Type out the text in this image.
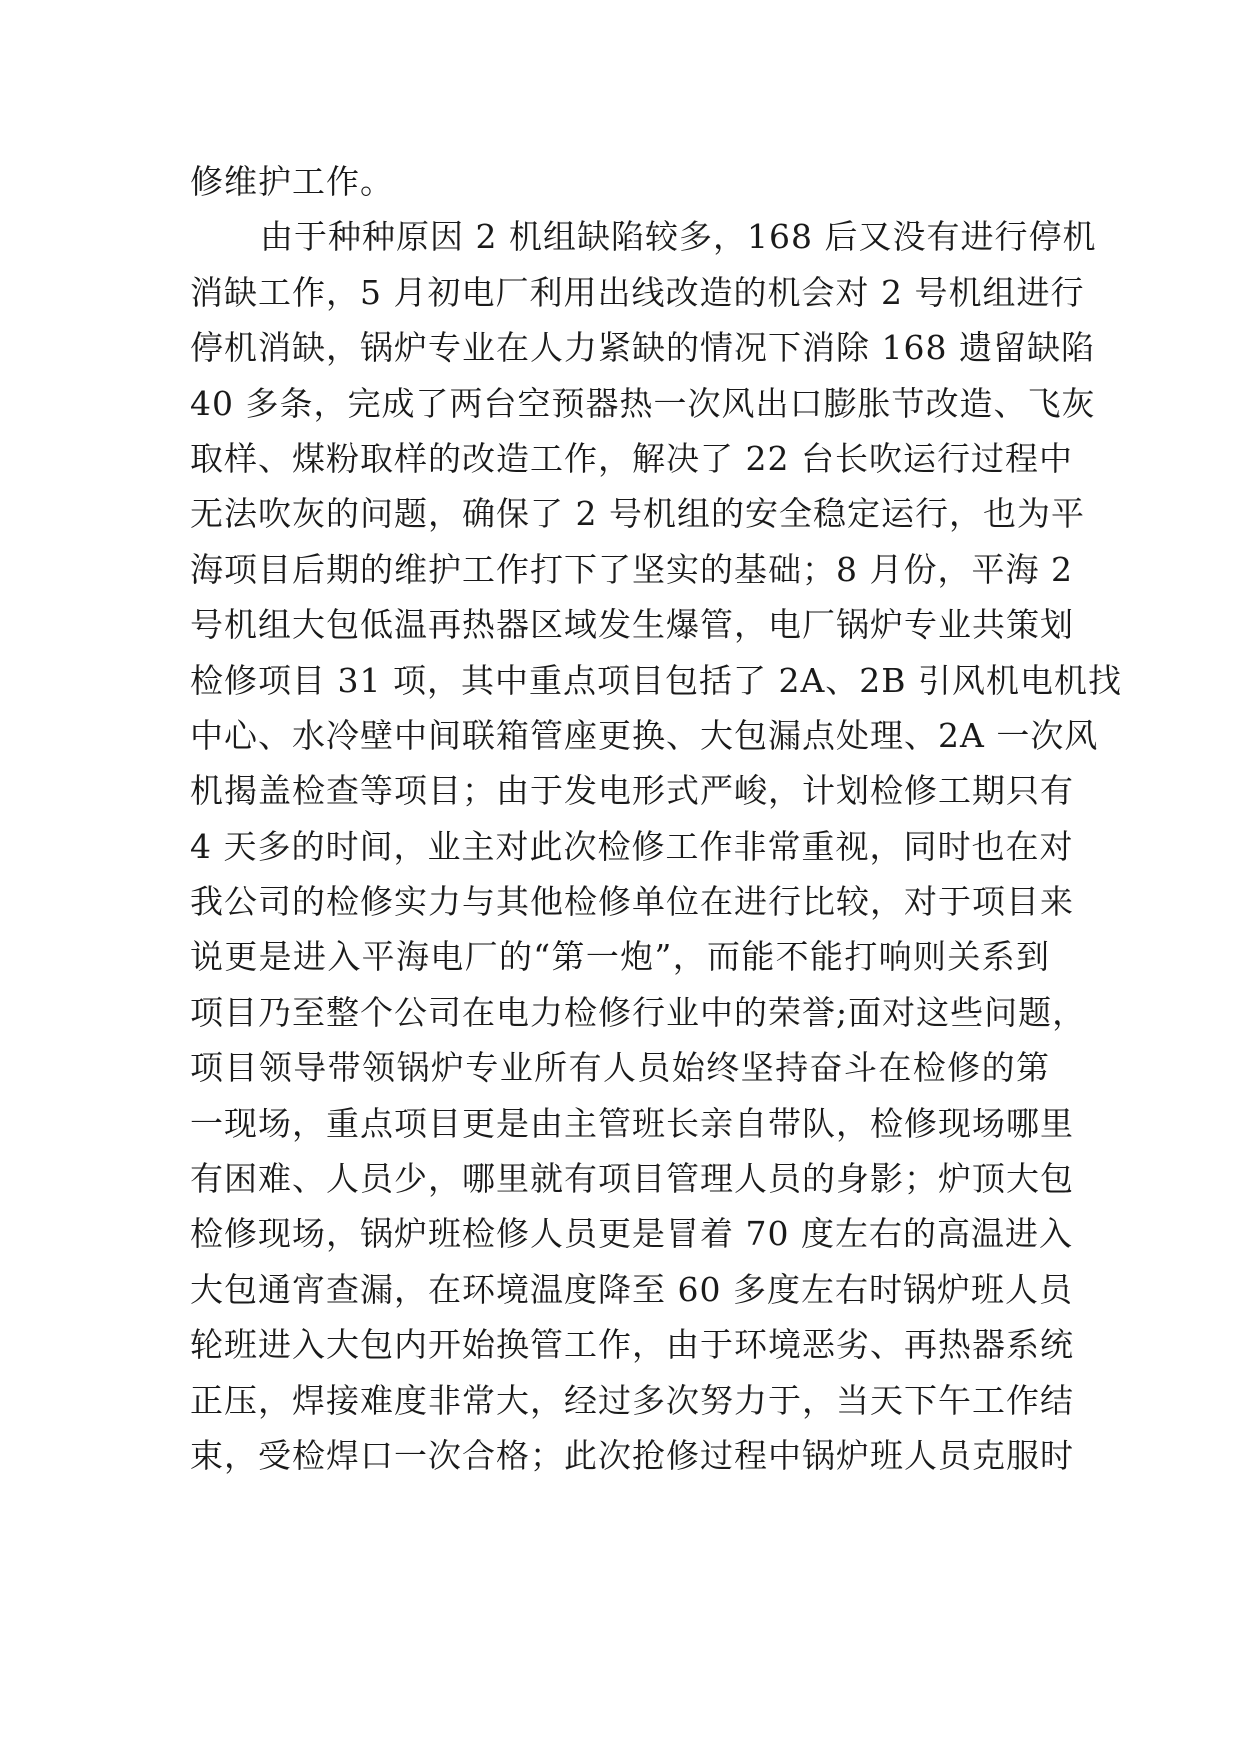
修维护工作。
由于种种原因 2 机组缺陷较多，168 后又没有进行停机
消缺工作，5 月初电厂利用出线改造的机会对 2 号机组进行
停机消缺，锅炉专业在人力紧缺的情况下消除 168 遗留缺陷
40 多条，完成了两台空预器热一次风出口膨胀节改造、飞灰
取样、煤粉取样的改造工作，解决了 22 台长吹运行过程中
无法吹灰的问题，确保了 2 号机组的安全稳定运行，也为平
海项目后期的维护工作打下了坚实的基础；8 月份，平海 2
号机组大包低温再热器区域发生爆管，电厂锅炉专业共策划
检修项目 31 项，其中重点项目包括了 2A、2B 引风机电机找
中心、水冷壁中间联箱管座更换、大包漏点处理、2A 一次风
机揭盖检查等项目；由于发电形式严峻，计划检修工期只有
4 天多的时间，业主对此次检修工作非常重视，同时也在对
我公司的检修实力与其他检修单位在进行比较，对于项目来
说更是进入平海电厂的“第一炮”，而能不能打响则关系到
项目乃至整个公司在电力检修行业中的荣誉;面对这些问题，
项目领导带领锅炉专业所有人员始终坚持奋斗在检修的第
一现场，重点项目更是由主管班长亲自带队，检修现场哪里
有困难、人员少，哪里就有项目管理人员的身影；炉顶大包
检修现场，锅炉班检修人员更是冒着 70 度左右的高温进入
大包通宵查漏，在环境温度降至 60 多度左右时锅炉班人员
轮班进入大包内开始换管工作，由于环境恶劣、再热器系统
正压，焊接难度非常大，经过多次努力于，当天下午工作结
束，受检焊口一次合格；此次抢修过程中锅炉班人员克服时
